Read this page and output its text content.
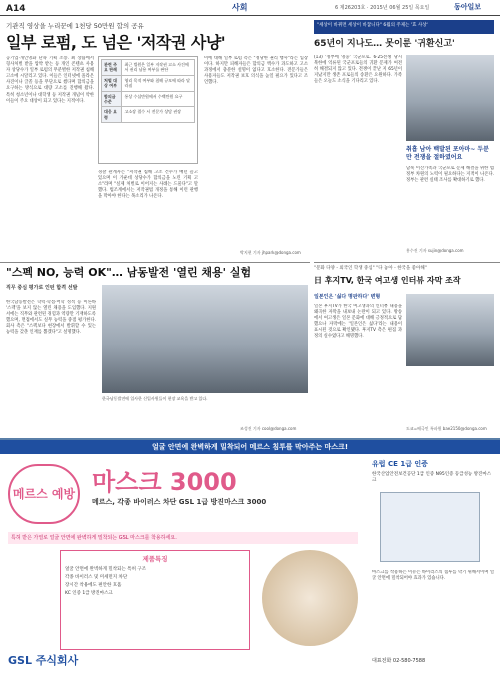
A14	사회	6 제26203호 · 2015년 06월 25일 목요일	동아일보
기관직 영상을 누리꾼에 1천당 50만원 합의 공유
일부 로펌, 도 넘은 '저작권 사냥'
공기업·개인영화 단속 기획 소송. 최 상습에서 형사처벌 받을 압박 받는 등 개인 콘텐츠 사용자 상당수가 일부 로펌의 무분별한 저작권 침해 고소에 시달리고 있다. 이들은 인터넷에 올라온 사진이나 글꼴 등을 무단으로 썼다며 합의금을 요구하는 방식으로 대량 고소를 진행해 왔다. 특히 청소년이나 대학생 등 저작권 개념이 약한 이들이 주요 대상이 되고 있다는 지적이다.
관련 주요 판례	최근 법원은 일부 저작권 고소 사건에서 권리 남용 여부를 판단
처벌 대상 여부	영리 목적 여부와 침해 규모에 따라 달라짐
합의금 수준	통상 수십만원에서 수백만원 요구
대응 요령	고소장 접수 시 전문가 상담 권장
경찰 관계자는 "저작권 침해 고소 건수가 매년 늘고 있으며 이 가운데 상당수가 합의금을 노린 기획 고소"라며 "실제 처벌로 이어지는 사례는 드물다"고 말했다. 법조계에서는 저작권법 개정을 통해 이런 관행을 막아야 한다는 목소리가 나온다.
이에 대해 일부 로펌 측은 "정당한 권리 행사"라는 입장이다. 하지만 피해자들은 합의금 액수가 과도하고 고소 과정에서 충분한 설명이 없다고 호소한다. 전문가들은 사용자들도 저작권 보호 의식을 높일 필요가 있다고 조언했다.
박지현 기자 jhpark@donga.com
"세상이 바뀌면 세상이 바꿉니다" 6월의 주제는 '효 사상'
65년이 지나도… 못이룬 '귀환신고'
(13) '정부에 영웅' 국군포로. 6·25전쟁 당시 북한에 억류된 국군포로들의 귀환 문제가 여전히 해결되지 않고 있다. 전쟁이 끝난 지 65년이 지났지만 생존 포로들의 송환은 요원하다. 가족들은 오늘도 소식을 기다리고 있다.
취흡 남아 백발된 포아마~ 두분만 전쟁을 절하였어요
남북 이산가족과 국군포로 문제 해결을 위한 범정부 차원의 노력이 필요하다는 지적이 나온다. 정부는 관련 실태 조사를 확대하기로 했다.
홍수진 기자 sujin@donga.com
"스펙 NO, 능력 OK"… 남동발전 '열린 채용' 실험
직무 중심 평가로 인턴 합격 선발
한국남동발전은 학력·학점·어학 성적 등 이른바 '스펙'을 보지 않는 열린 채용을 도입했다. 지원서에는 직무와 관련된 경험과 역량만 기재하도록 했으며, 면접에서도 실무 능력을 중점 평가한다. 회사 측은 "스펙보다 현장에서 발휘할 수 있는 능력을 갖춘 인재를 뽑겠다"고 설명했다.
한국남동발전에 입사한 신입사원들이 현장 교육을 받고 있다.
조성진 기자 cool@donga.com
"문화 다양 - 외국인 학생 중심" "다 놓아 - 한국을 좋아해"
日 후지TV, 한국 여고생 인터뷰 자막 조작
일본인은 '싫다 명판하다' 변형
일본 후지TV가 한국 여고생과의 인터뷰 내용을 왜곡한 자막을 내보내 논란이 되고 있다. 방송에서 여고생은 일본 문화에 대해 긍정적으로 답했으나 자막에는 '일본인은 싫다'라는 내용이 표시된 것으로 확인됐다. 후지TV 측은 편집 과정의 실수였다고 해명했다.
도쿄=배극인 특파원 bae2150@donga.com
얼굴 안면에 완벽하게 밀착되어 메르스 침투를 막아주는 마스크!
메르스 예방 마스크 3000
메르스, 각종 바이러스 차단 GSL 1급 방진마스크 3000
특허 받은 가열로 얼굴 안면에 완벽하게 밀착되는 GSL 마스크를 착용하세요.
제품특징
얼굴 안면에 완벽하게 밀착되는 특허 구조
각종 바이러스 및 미세먼지 차단
장시간 착용에도 편안한 호흡
KC 인증 1급 방진마스크
유럽 CE 1급 인증
한국산업안전보건공단 1급 인증 N95인증 등급성능 방진마스크
마스크를 착용하는 이유는 바이러스의 침투를 막기 위해서이며 얼굴 안면에 밀착되어야 효과가 있습니다.
GSL 주식회사	대표전화 02-580-7588
